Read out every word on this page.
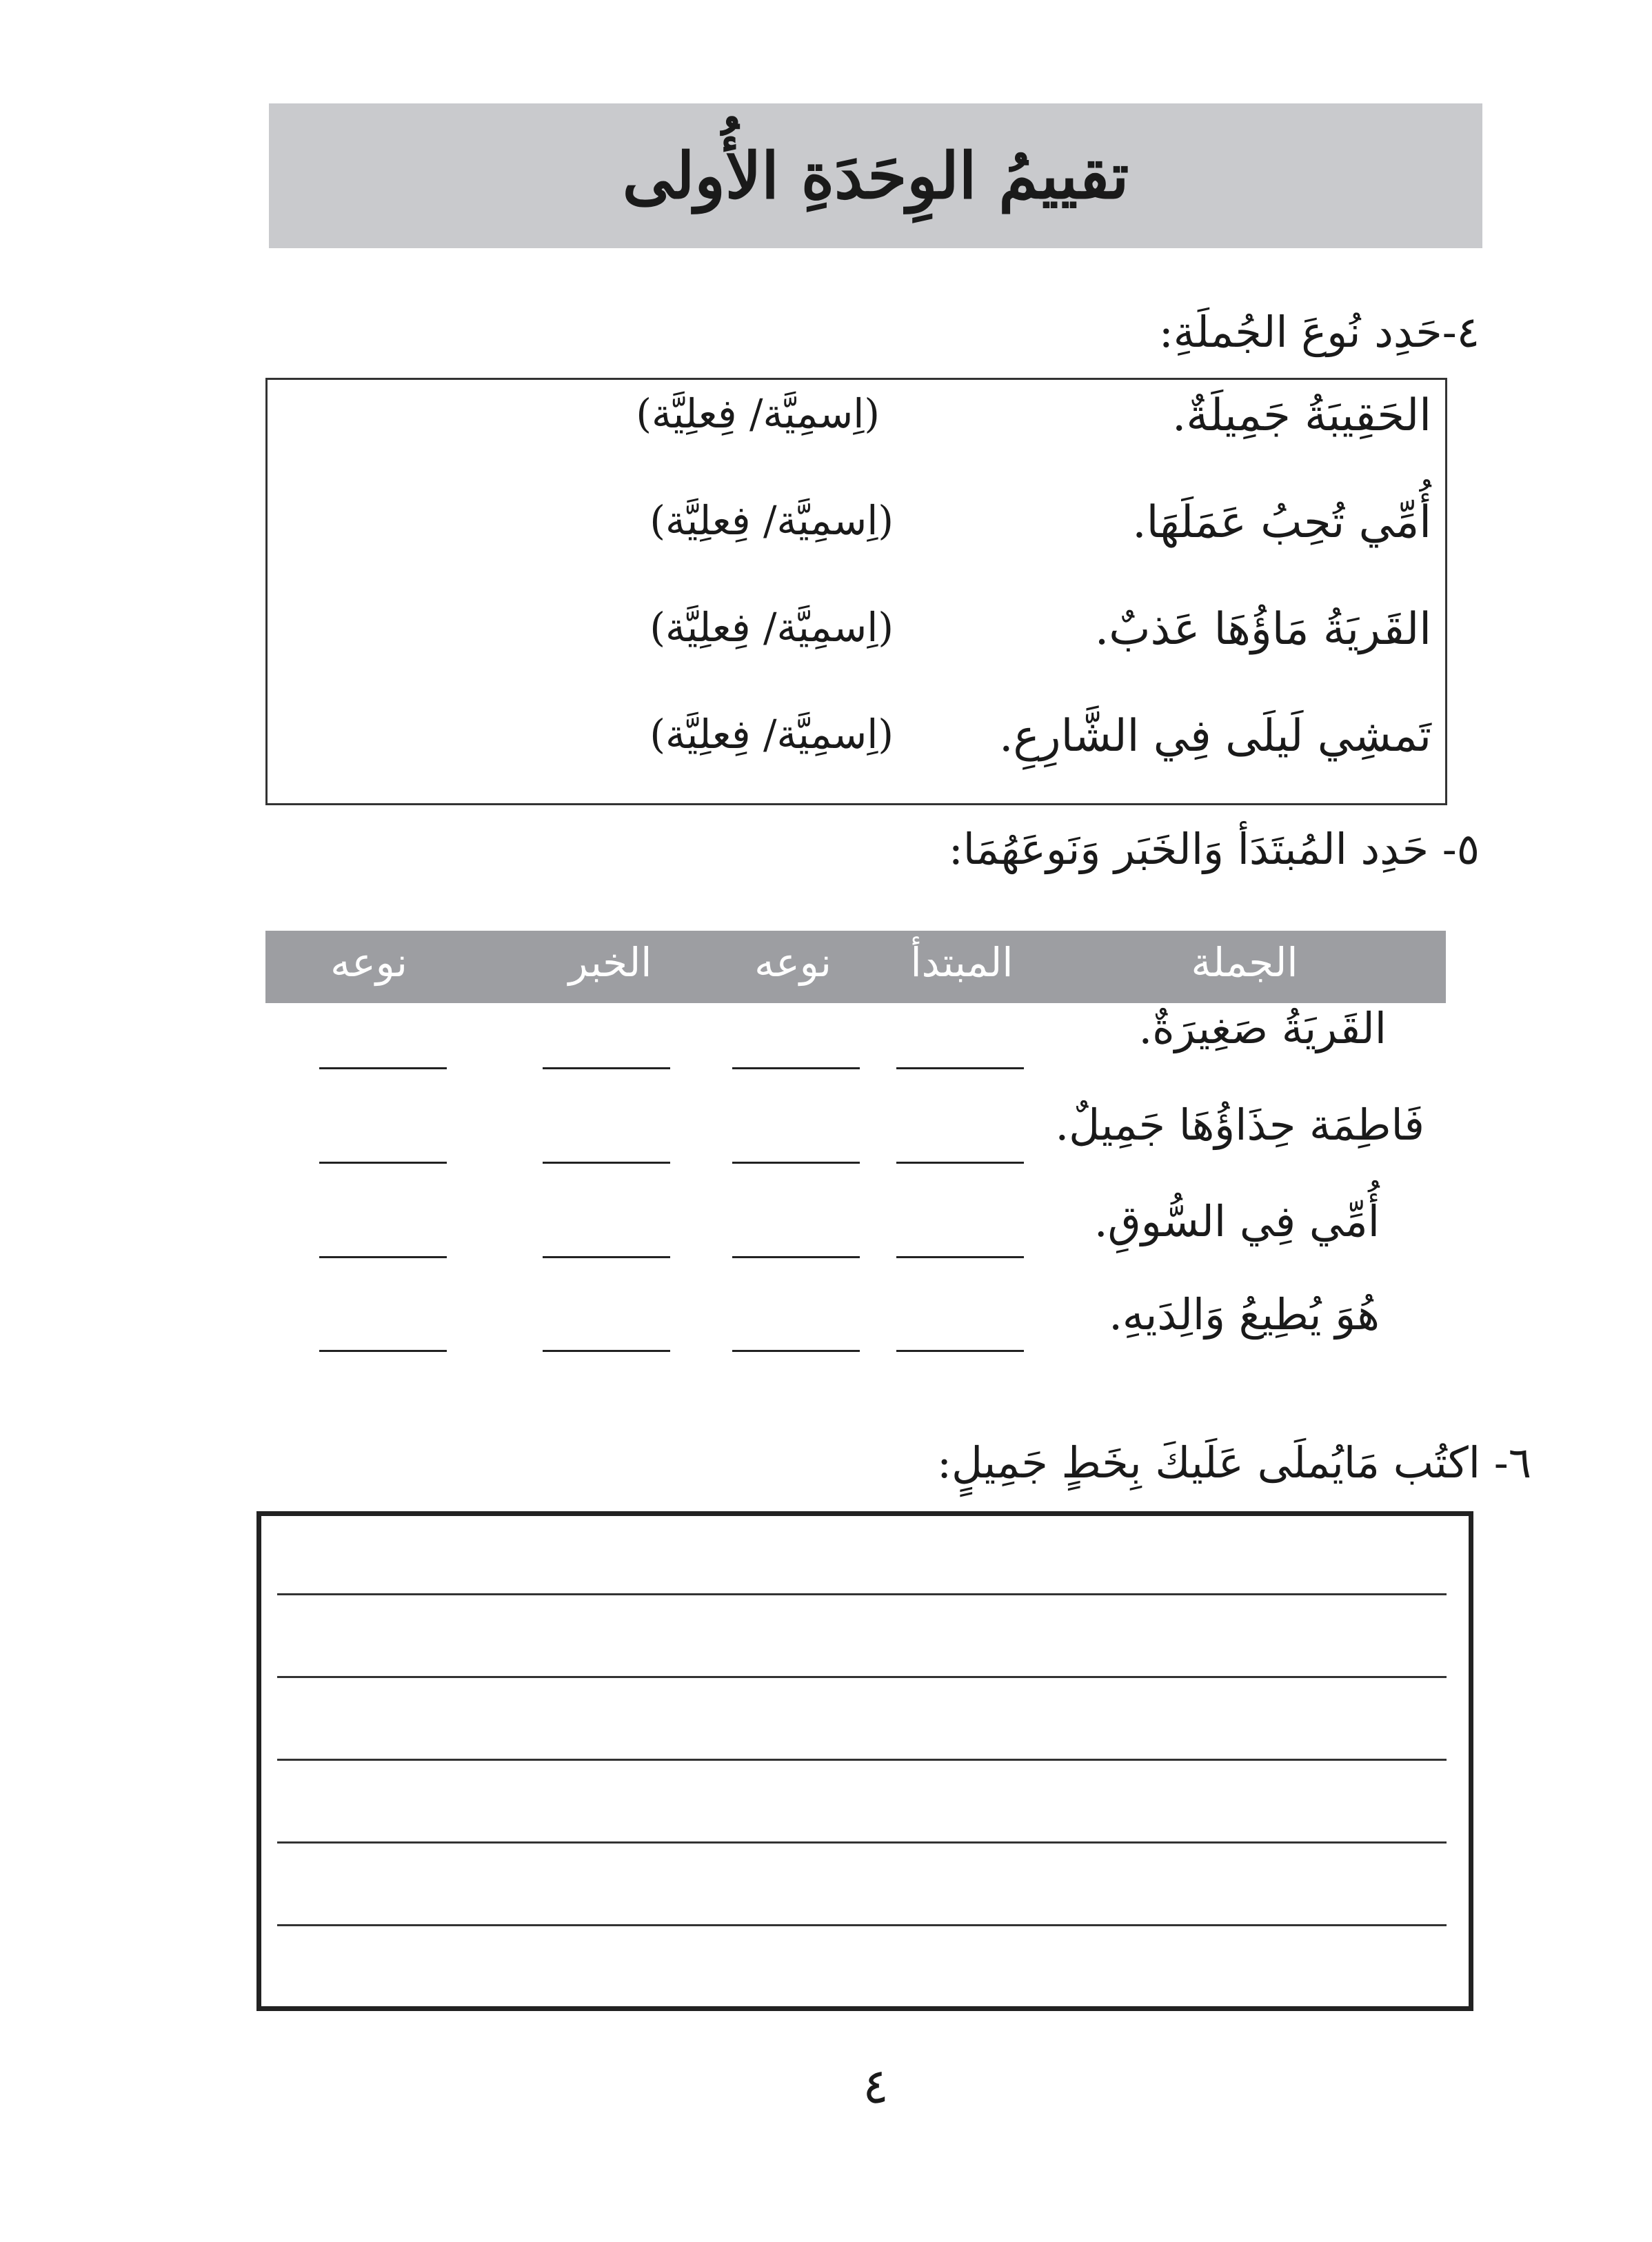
تقييمُ الوِحَدَةِ الأُولى
٤-حَدِد نُوعَ الجُملَةِ:
الحَقِيبَةُ جَمِيلَةٌ.
(اِسمِيَّة/ فِعلِيَّة)
أُمِّي تُحِبُ عَمَلَهَا.
(اِسمِيَّة/ فِعلِيَّة)
القَريَةُ مَاؤُهَا عَذبٌ.
(اِسمِيَّة/ فِعلِيَّة)
تَمشِي لَيلَى فِي الشَّارِعِ.
(اِسمِيَّة/ فِعلِيَّة)
٥- حَدِد المُبتَدَأ وَالخَبَر وَنَوعَهُمَا:
الجملة
المبتدأ
نوعه
الخبر
نوعه
القَريَةُ صَغِيرَةٌ.
فَاطِمَة حِذَاؤُهَا جَمِيلٌ.
أُمِّي فِي السُّوقِ.
هُوَ يُطِيعُ وَالِدَيهِ.
٦- اكتُب مَايُملَى عَلَيكَ بِخَطٍ جَمِيلٍ:
٤
